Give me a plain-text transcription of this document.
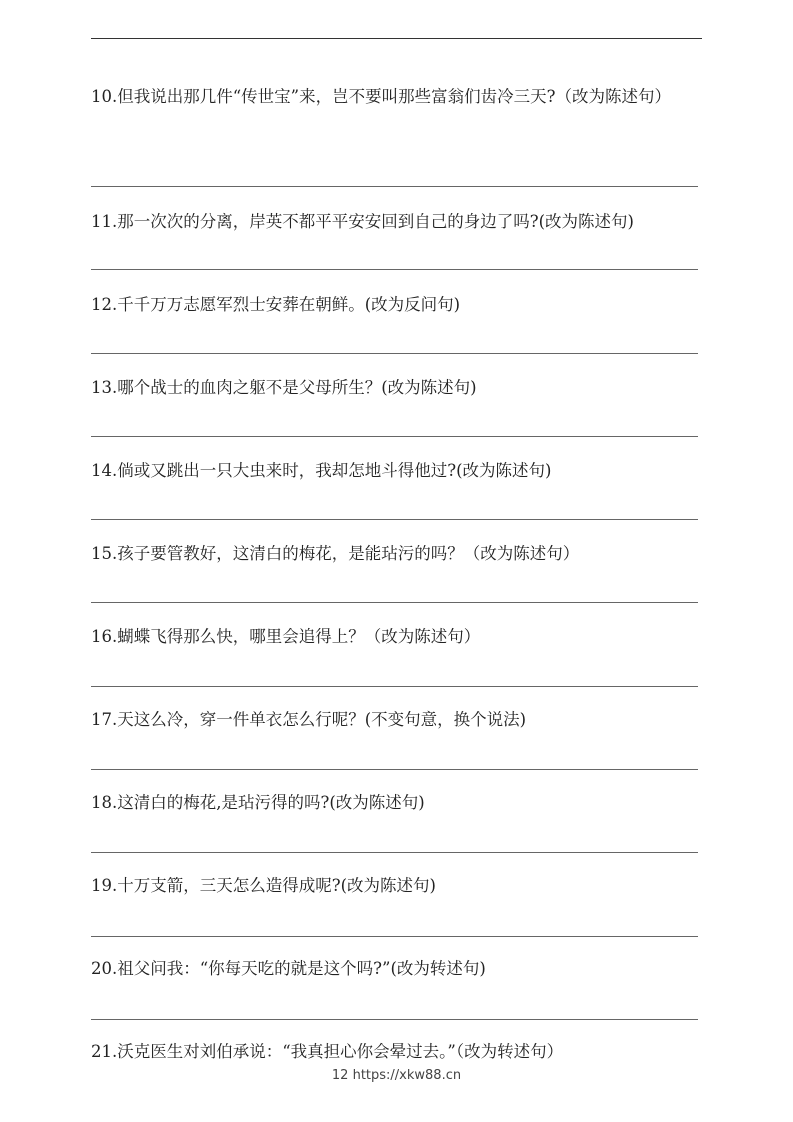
10.但我说出那几件“传世宝”来，岂不要叫那些富翁们齿冷三天?（改为陈述句）
11.那一次次的分离，岸英不都平平安安回到自己的身边了吗?(改为陈述句)
12.千千万万志愿军烈士安葬在朝鲜。(改为反问句)
13.哪个战士的血肉之躯不是父母所生？(改为陈述句)
14.倘或又跳出一只大虫来时，我却怎地斗得他过?(改为陈述句)
15.孩子要管教好，这清白的梅花，是能玷污的吗？（改为陈述句）
16.蝴蝶飞得那么快，哪里会追得上？（改为陈述句）
17.天这么冷，穿一件单衣怎么行呢？(不变句意，换个说法)
18.这清白的梅花,是玷污得的吗?(改为陈述句)
19.十万支箭，三天怎么造得成呢?(改为陈述句)
20.祖父问我：“你每天吃的就是这个吗?”(改为转述句)
21.沃克医生对刘伯承说：“我真担心你会晕过去。”（改为转述句）
12 https://xkw88.cn
